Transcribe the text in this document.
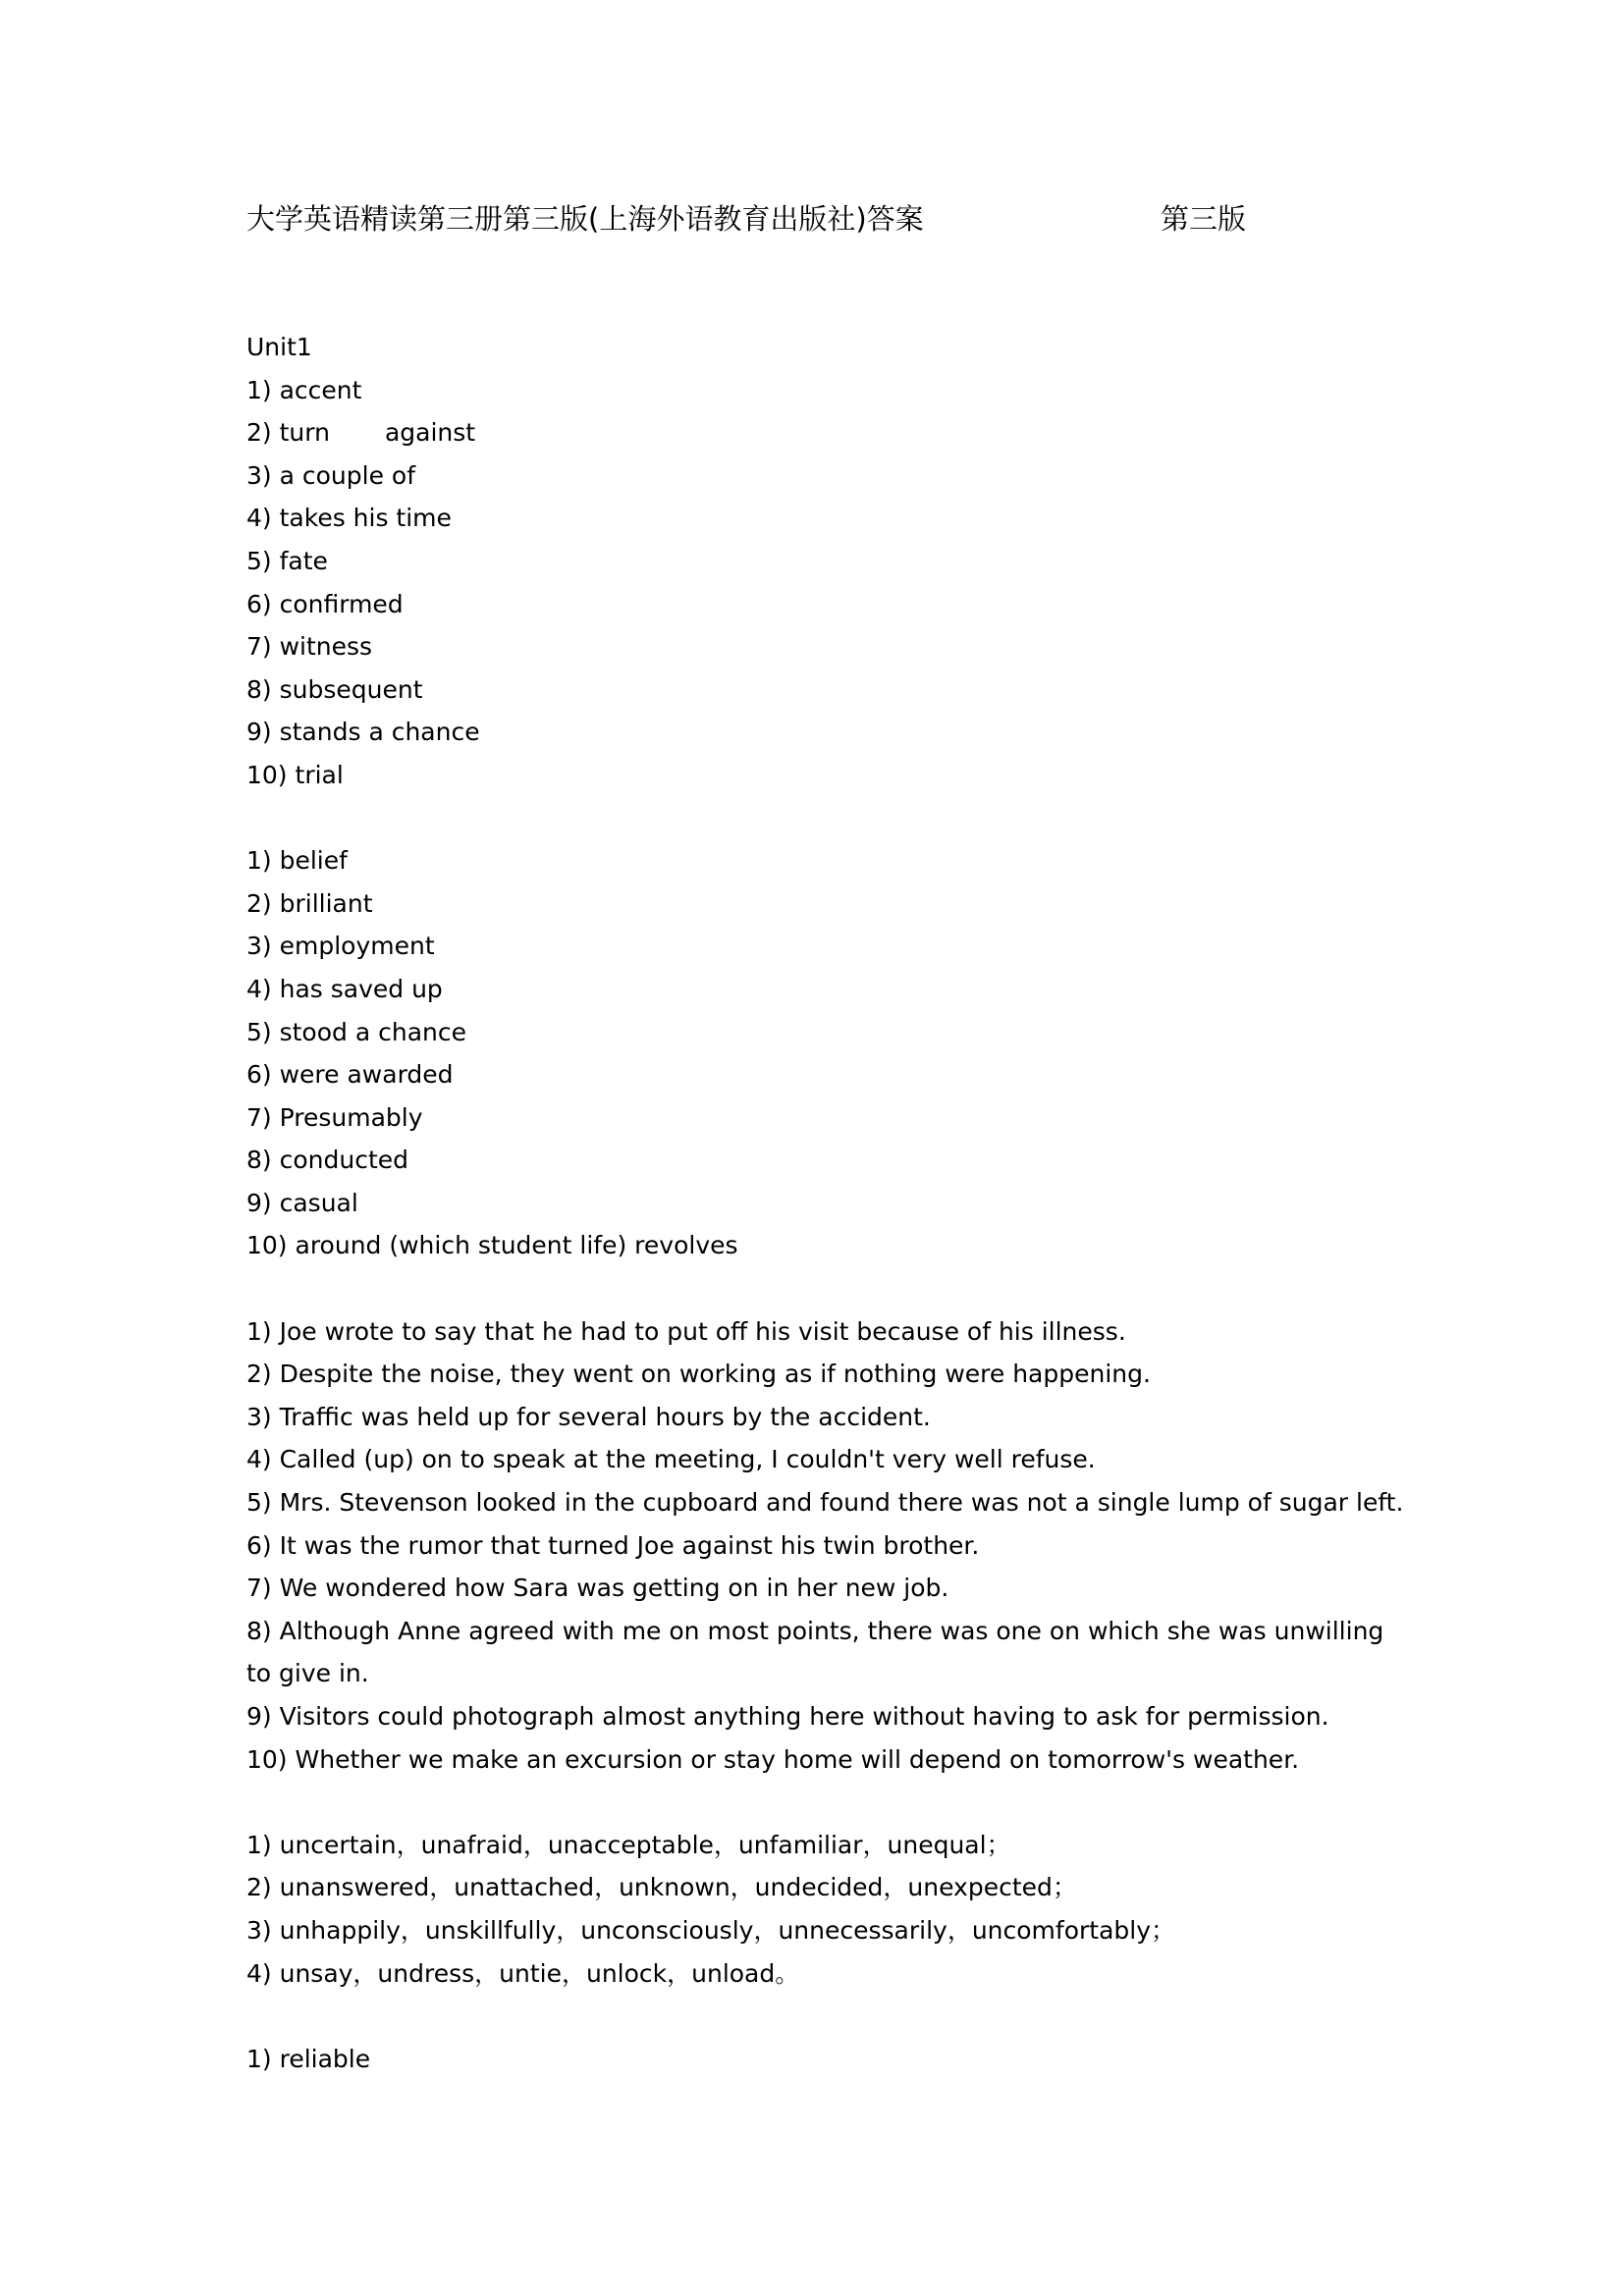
大学英语精读第三册第三版(上海外语教育出版社)答案	第三版

Unit1

1) accent

2) turn against

3) a couple of

4) takes his time

5) fate

6) confirmed

7) witness

8) subsequent

9) stands a chance

10) trial

1) belief

2) brilliant

3) employment

4) has saved up

5) stood a chance

6) were awarded

7) Presumably

8) conducted

9) casual

10) around (which student life) revolves

1) Joe wrote to say that he had to put off his visit because of his illness.

2) Despite the noise, they went on working as if nothing were happening.

3) Traffic was held up for several hours by the accident.

4) Called (up) on to speak at the meeting, I couldn't very well refuse.

5) Mrs. Stevenson looked in the cupboard and found there was not a single lump of sugar left.

6) It was the rumor that turned Joe against his twin brother.

7) We wondered how Sara was getting on in her new job.

8) Although Anne agreed with me on most points, there was one on which she was unwilling to give in.

9) Visitors could photograph almost anything here without having to ask for permission.

10) Whether we make an excursion or stay home will depend on tomorrow's weather.

1) uncertain，unafraid，unacceptable，unfamiliar，unequal；

2) unanswered，unattached，unknown，undecided，unexpected；

3) unhappily，unskillfully，unconsciously，unnecessarily，uncomfortably；

4) unsay，undress，untie，unlock，unload。

1) reliable
